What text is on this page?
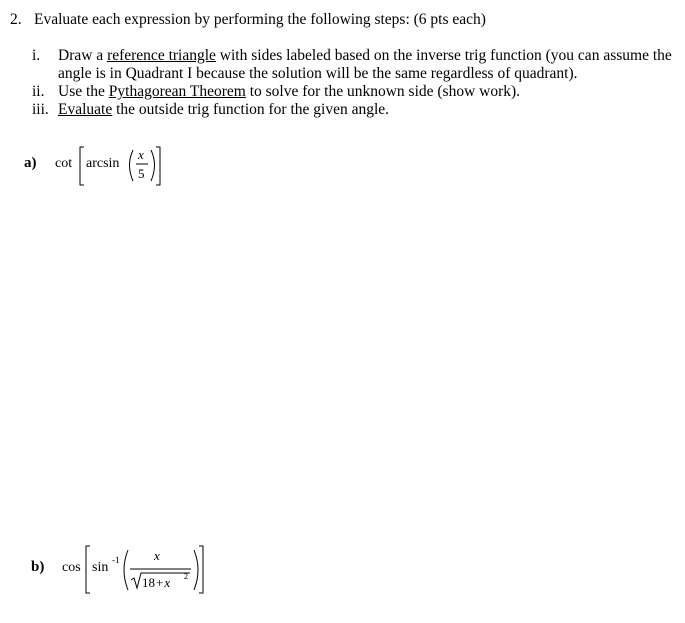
2. Evaluate each expression by performing the following steps: (6 pts each)
i. Draw a reference triangle with sides labeled based on the inverse trig function (you can assume the angle is in Quadrant I because the solution will be the same regardless of quadrant).
ii. Use the Pythagorean Theorem to solve for the unknown side (show work).
iii. Evaluate the outside trig function for the given angle.
a) cot arcsin
x
5
b) cos sin -1	x
18+x 2
